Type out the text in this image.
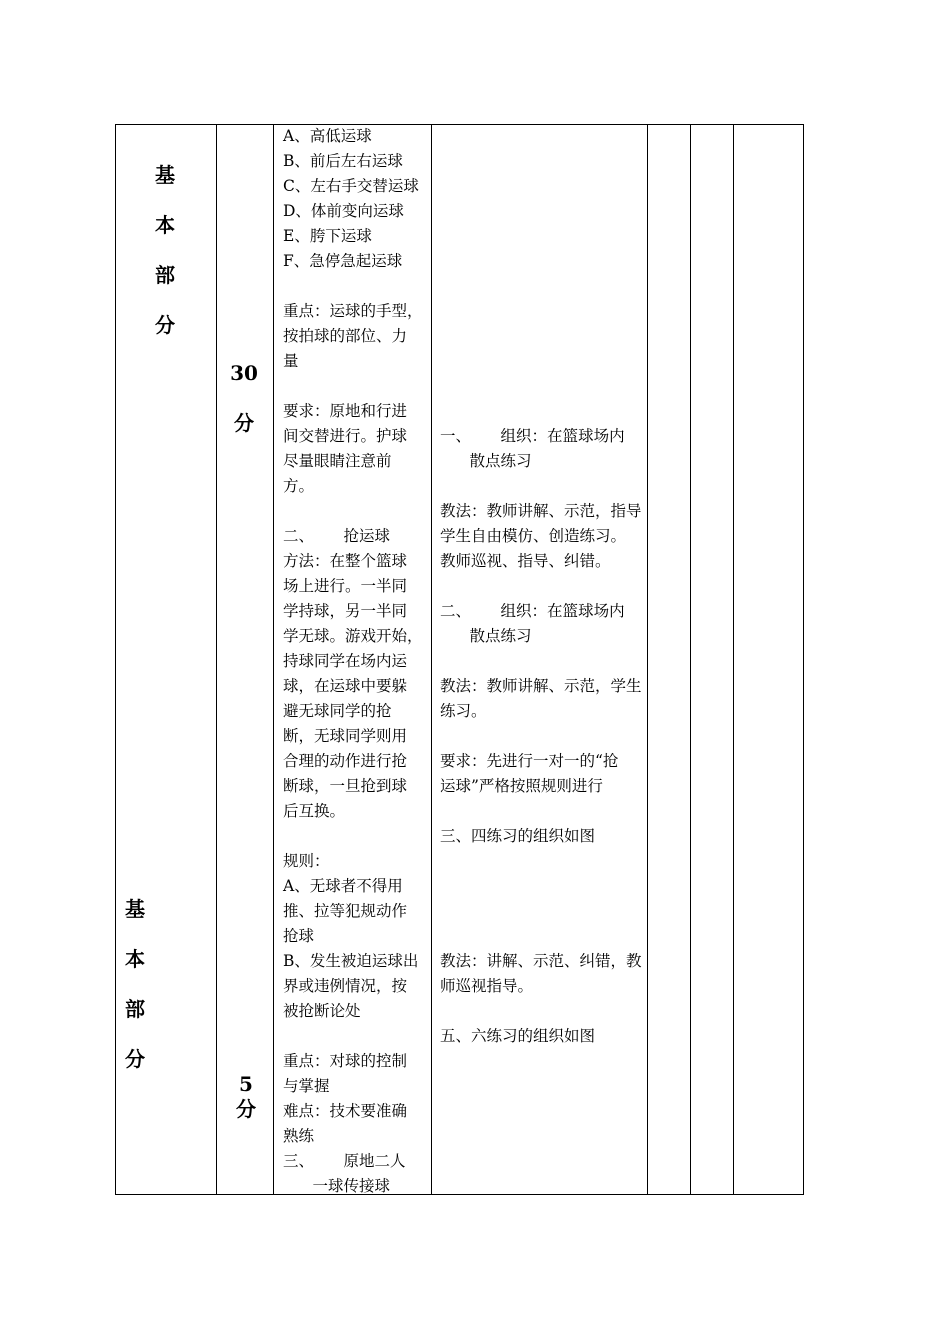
基
本
部
分
基
本
部
分
30
分
5
分
A、高低运球
B、前后左右运球
C、左右手交替运球
D、体前变向运球
E、胯下运球
F、急停急起运球
重点：运球的手型，
按拍球的部位、力
量
要求：原地和行进
间交替进行。护球
尽量眼睛注意前
方。
二、      抢运球
方法：在整个篮球
场上进行。一半同
学持球，另一半同
学无球。游戏开始，
持球同学在场内运
球，在运球中要躲
避无球同学的抢
断，无球同学则用
合理的动作进行抢
断球，一旦抢到球
后互换。
规则：
A、无球者不得用
推、拉等犯规动作
抢球
B、发生被迫运球出
界或违例情况，按
被抢断论处
重点：对球的控制
与掌握
难点：技术要准确
熟练
三、      原地二人
一球传接球
一、      组织：在篮球场内
散点练习
教法：教师讲解、示范，指导
学生自由模仿、创造练习。
教师巡视、指导、纠错。
二、      组织：在篮球场内
散点练习
教法：教师讲解、示范，学生
练习。
要求：先进行一对一的“抢
运球”严格按照规则进行
三、四练习的组织如图
教法：讲解、示范、纠错，教
师巡视指导。
五、六练习的组织如图
